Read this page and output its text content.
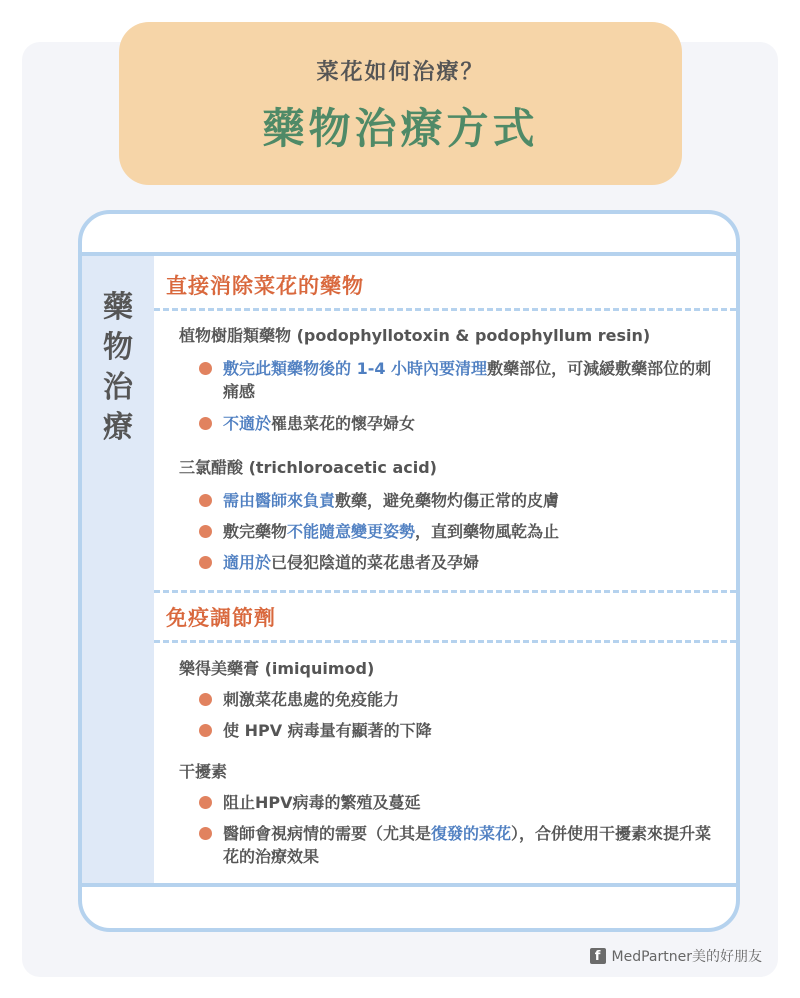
菜花如何治療？
藥物治療方式
藥
物
治
療
直接消除菜花的藥物
植物樹脂類藥物 (podophyllotoxin & podophyllum resin)
敷完此類藥物後的 1-4 小時內要清理敷藥部位，可減緩敷藥部位的刺痛感
不適於罹患菜花的懷孕婦女
三氯醋酸 (trichloroacetic acid)
需由醫師來負責敷藥，避免藥物灼傷正常的皮膚
敷完藥物不能隨意變更姿勢，直到藥物風乾為止
適用於已侵犯陰道的菜花患者及孕婦
免疫調節劑
樂得美藥膏 (imiquimod)
刺激菜花患處的免疫能力
使 HPV 病毒量有顯著的下降
干擾素
阻止HPV病毒的繁殖及蔓延
醫師會視病情的需要（尤其是復發的菜花），合併使用干擾素來提升菜花的治療效果
f MedPartner美的好朋友
